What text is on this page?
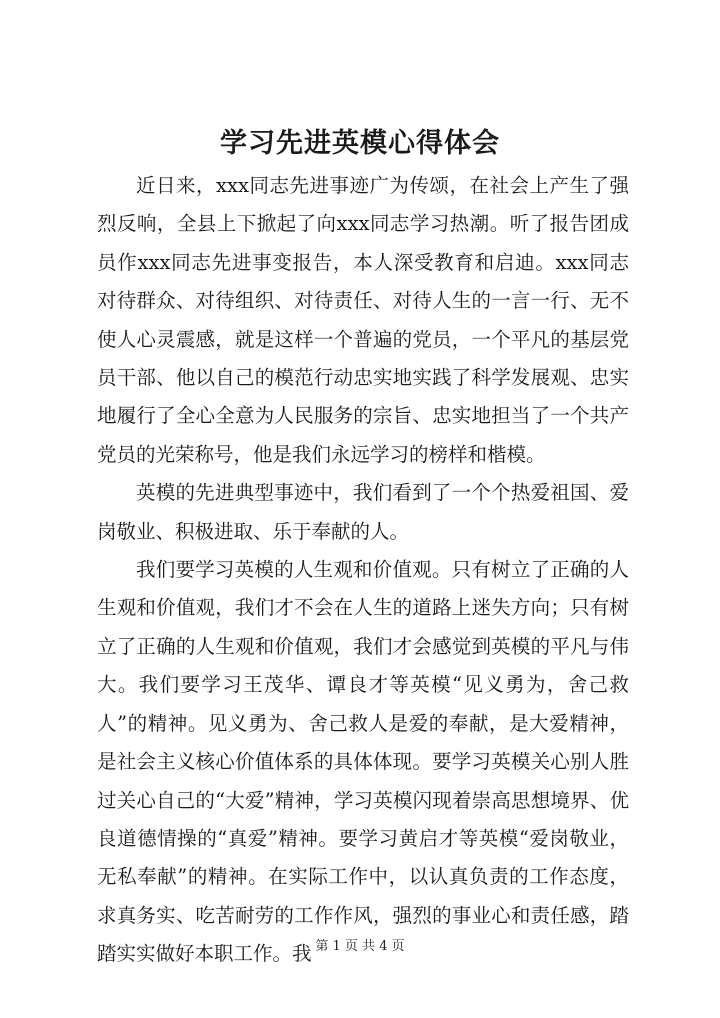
学习先进英模心得体会

近日来，xxx同志先进事迹广为传颂，在社会上产生了强烈反响，全县上下掀起了向xxx同志学习热潮。听了报告团成员作xxx同志先进事变报告，本人深受教育和启迪。xxx同志对待群众、对待组织、对待责任、对待人生的一言一行、无不使人心灵震感，就是这样一个普遍的党员，一个平凡的基层党员干部、他以自己的模范行动忠实地实践了科学发展观、忠实地履行了全心全意为人民服务的宗旨、忠实地担当了一个共产党员的光荣称号，他是我们永远学习的榜样和楷模。

英模的先进典型事迹中，我们看到了一个个热爱祖国、爱岗敬业、积极进取、乐于奉献的人。

我们要学习英模的人生观和价值观。只有树立了正确的人生观和价值观，我们才不会在人生的道路上迷失方向；只有树立了正确的人生观和价值观，我们才会感觉到英模的平凡与伟大。我们要学习王茂华、谭良才等英模“见义勇为，舍己救人”的精神。见义勇为、舍己救人是爱的奉献，是大爱精神，是社会主义核心价值体系的具体体现。要学习英模关心别人胜过关心自己的“大爱”精神，学习英模闪现着崇高思想境界、优良道德情操的“真爱”精神。要学习黄启才等英模“爱岗敬业，无私奉献”的精神。在实际工作中，以认真负责的工作态度，求真务实、吃苦耐劳的工作作风，强烈的事业心和责任感，踏踏实实做好本职工作。我 第 1 页 共 4 页
